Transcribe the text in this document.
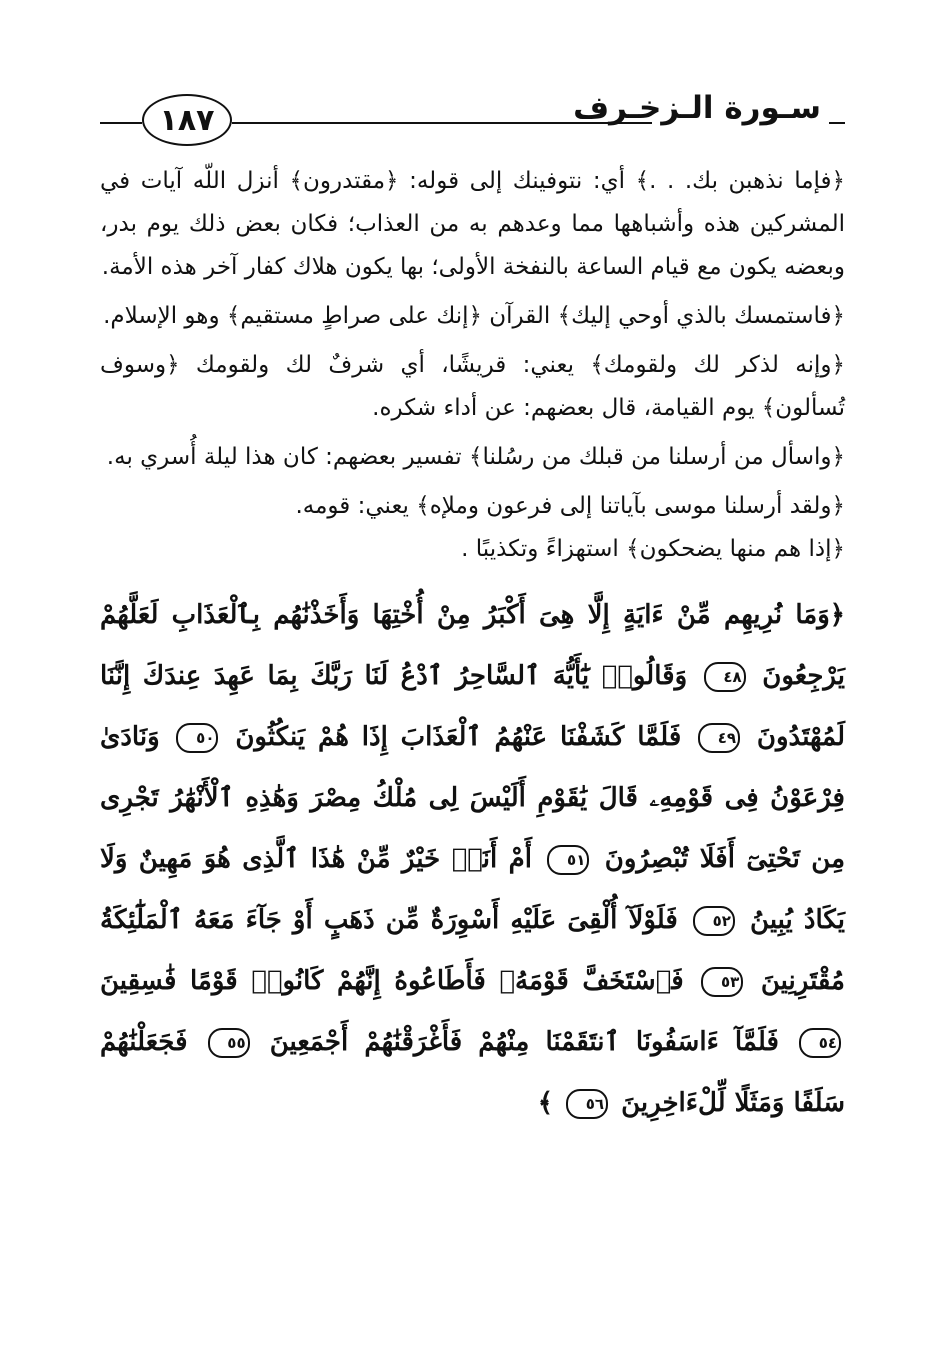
١٨٧	سـورة الـزخـرف

﴿فإما نذهبن بك. . .﴾ أي: نتوفينك إلى قوله: ﴿مقتدرون﴾ أنزل اللّه آيات في المشركين هذه وأشباهها مما وعدهم به من العذاب؛ فكان بعض ذلك يوم بدر، وبعضه يكون مع قيام الساعة بالنفخة الأولى؛ بها يكون هلاك كفار آخر هذه الأمة.

﴿فاستمسك بالذي أوحي إليك﴾ القرآن ﴿إنك على صراطٍ مستقيم﴾ وهو الإسلام.

﴿وإنه لذكر لك ولقومك﴾ يعني: قريشًا، أي شرفٌ لك ولقومك ﴿وسوف تُسألون﴾ يوم القيامة، قال بعضهم: عن أداء شكره.

﴿واسأل من أرسلنا من قبلك من رسُلنا﴾ تفسير بعضهم: كان هذا ليلة أُسري به.

﴿ولقد أرسلنا موسى بآياتنا إلى فرعون وملإه﴾ يعني: قومه.

﴿إذا هم منها يضحكون﴾ استهزاءً وتكذيبًا .

﴿وَمَا نُرِيهِم مِّنْ ءَايَةٍ إِلَّا هِىَ أَكْبَرُ مِنْ أُخْتِهَا وَأَخَذْنَٰهُم بِٱلْعَذَابِ لَعَلَّهُمْ يَرْجِعُونَ ٤٨ وَقَالُوا۟ يَٰٓأَيُّهَ ٱلسَّاحِرُ ٱدْعُ لَنَا رَبَّكَ بِمَا عَهِدَ عِندَكَ إِنَّنَا لَمُهْتَدُونَ ٤٩ فَلَمَّا كَشَفْنَا عَنْهُمُ ٱلْعَذَابَ إِذَا هُمْ يَنكُثُونَ ٥٠ وَنَادَىٰ فِرْعَوْنُ فِى قَوْمِهِۦ قَالَ يَٰقَوْمِ أَلَيْسَ لِى مُلْكُ مِصْرَ وَهَٰذِهِ ٱلْأَنْهَٰرُ تَجْرِى مِن تَحْتِىٓ أَفَلَا تُبْصِرُونَ ٥١ أَمْ أَنَا۠ خَيْرٌ مِّنْ هَٰذَا ٱلَّذِى هُوَ مَهِينٌ وَلَا يَكَادُ يُبِينُ ٥٢ فَلَوْلَآ أُلْقِىَ عَلَيْهِ أَسْوِرَةٌ مِّن ذَهَبٍ أَوْ جَآءَ مَعَهُ ٱلْمَلَٰٓئِكَةُ مُقْتَرِنِينَ ٥٣ فَٱسْتَخَفَّ قَوْمَهُۥ فَأَطَاعُوهُ إِنَّهُمْ كَانُوا۟ قَوْمًا فَٰسِقِينَ ٥٤ فَلَمَّآ ءَاسَفُونَا ٱنتَقَمْنَا مِنْهُمْ فَأَغْرَقْنَٰهُمْ أَجْمَعِينَ ٥٥ فَجَعَلْنَٰهُمْ سَلَفًا وَمَثَلًا لِّلْءَاخِرِينَ ٥٦ ﴾
